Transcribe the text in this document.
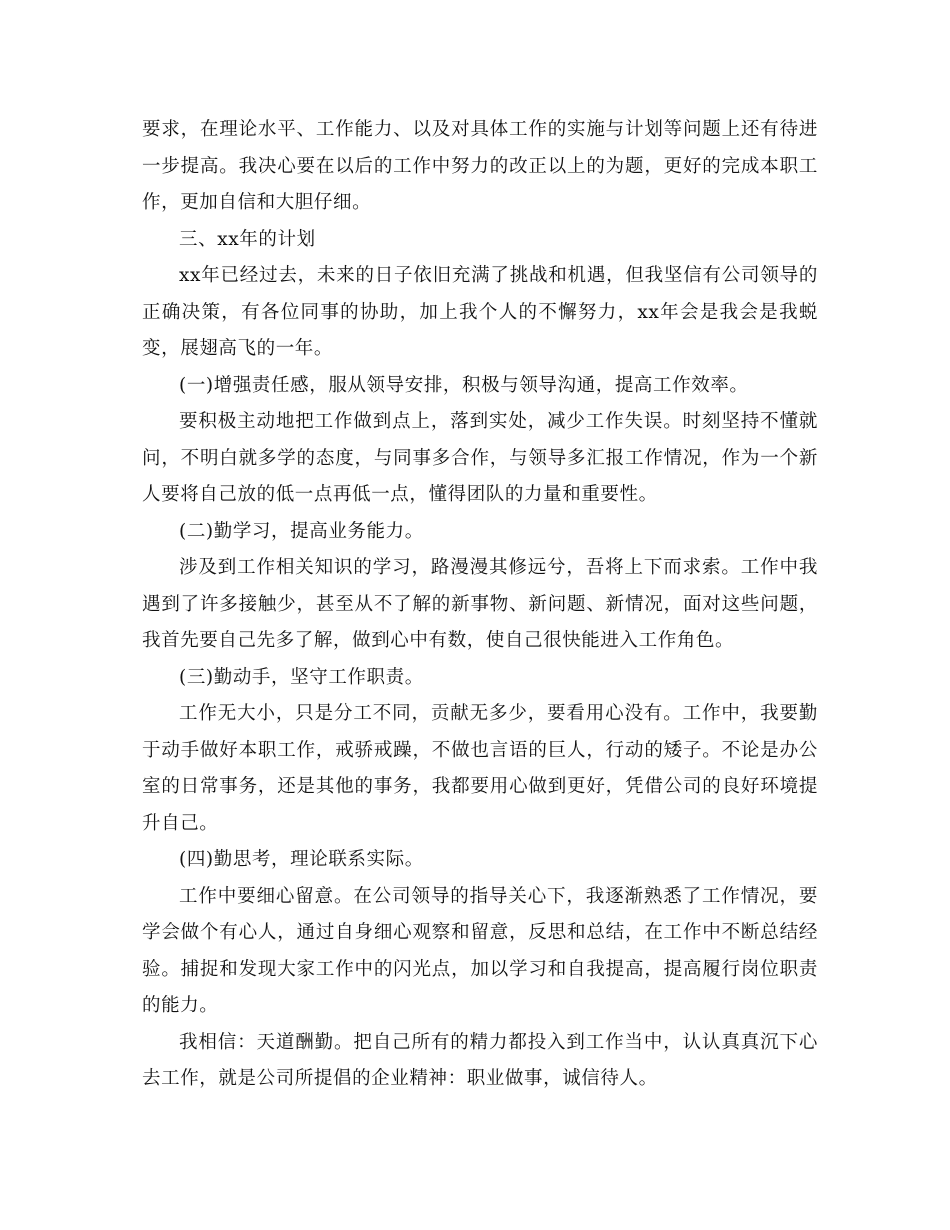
要求，在理论水平、工作能力、以及对具体工作的实施与计划等问题上还有待进一步提高。我决心要在以后的工作中努力的改正以上的为题，更好的完成本职工作，更加自信和大胆仔细。

三、xx年的计划

xx年已经过去，未来的日子依旧充满了挑战和机遇，但我坚信有公司领导的正确决策，有各位同事的协助，加上我个人的不懈努力，xx年会是我会是我蜕变，展翅高飞的一年。

(一)增强责任感，服从领导安排，积极与领导沟通，提高工作效率。

要积极主动地把工作做到点上，落到实处，减少工作失误。时刻坚持不懂就问，不明白就多学的态度，与同事多合作，与领导多汇报工作情况，作为一个新人要将自己放的低一点再低一点，懂得团队的力量和重要性。

(二)勤学习，提高业务能力。

涉及到工作相关知识的学习，路漫漫其修远兮，吾将上下而求索。工作中我遇到了许多接触少，甚至从不了解的新事物、新问题、新情况，面对这些问题，我首先要自己先多了解，做到心中有数，使自己很快能进入工作角色。

(三)勤动手，坚守工作职责。

工作无大小，只是分工不同，贡献无多少，要看用心没有。工作中，我要勤于动手做好本职工作，戒骄戒躁，不做也言语的巨人，行动的矮子。不论是办公室的日常事务，还是其他的事务，我都要用心做到更好，凭借公司的良好环境提升自己。

(四)勤思考，理论联系实际。

工作中要细心留意。在公司领导的指导关心下，我逐渐熟悉了工作情况，要学会做个有心人，通过自身细心观察和留意，反思和总结，在工作中不断总结经验。捕捉和发现大家工作中的闪光点，加以学习和自我提高，提高履行岗位职责的能力。

我相信：天道酬勤。把自己所有的精力都投入到工作当中，认认真真沉下心去工作，就是公司所提倡的企业精神：职业做事，诚信待人。
